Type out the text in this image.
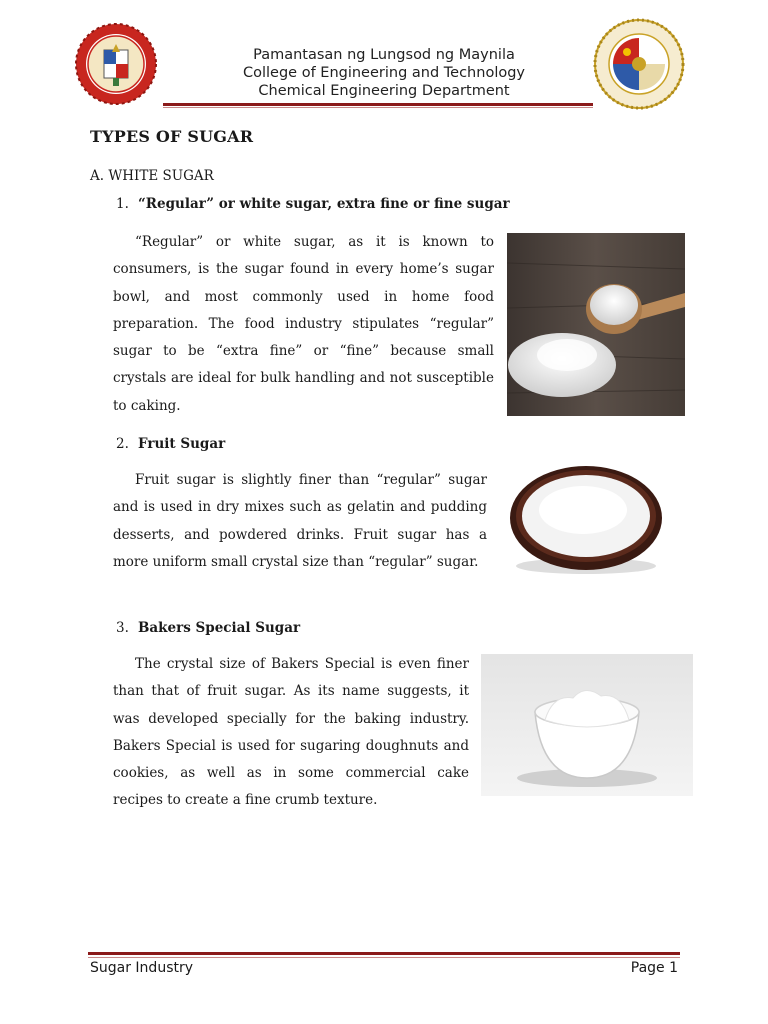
Pamantasan ng Lungsod ng Maynila
College of Engineering and Technology
Chemical Engineering Department
TYPES OF SUGAR
A. WHITE SUGAR
1. “Regular” or white sugar, extra fine or fine sugar
“Regular” or white sugar, as it is known to consumers, is the sugar found in every home’s sugar bowl, and most commonly used in home food preparation. The food industry stipulates “regular” sugar to be “extra fine” or “fine” because small crystals are ideal for bulk handling and not susceptible to caking.
2. Fruit Sugar
Fruit sugar is slightly finer than “regular” sugar and is used in dry mixes such as gelatin and pudding desserts, and powdered drinks. Fruit sugar has a more uniform small crystal size than “regular” sugar.
3. Bakers Special Sugar
The crystal size of Bakers Special is even finer than that of fruit sugar. As its name suggests, it was developed specially for the baking industry. Bakers Special is used for sugaring doughnuts and cookies, as well as in some commercial cake recipes to create a fine crumb texture.
Sugar Industry	Page 1
